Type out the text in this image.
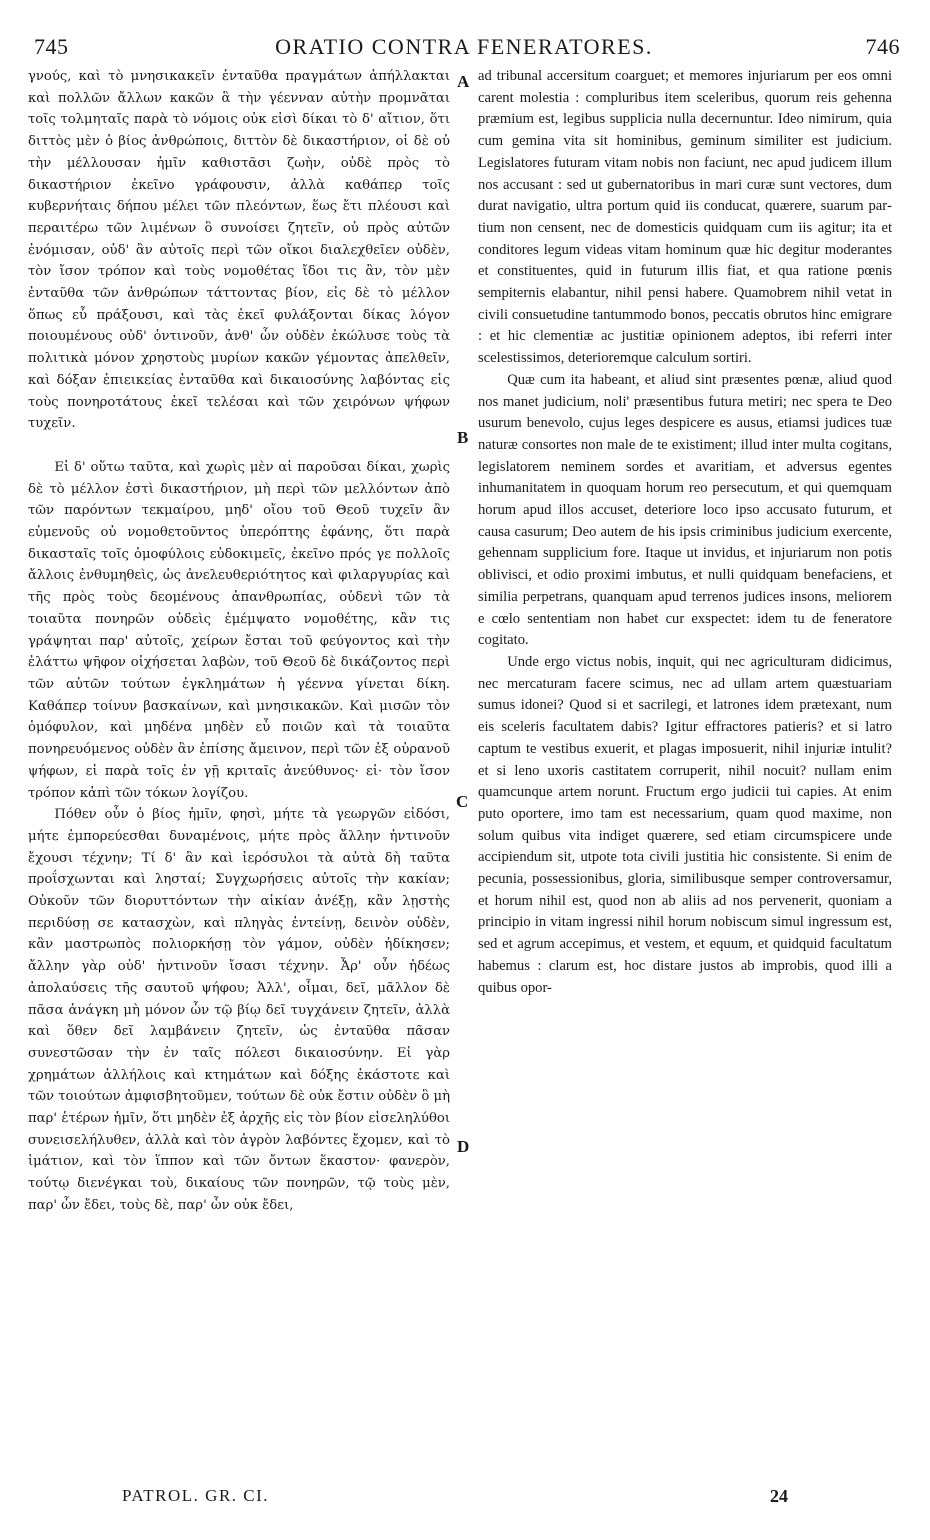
745	ORATIO CONTRA FENERATORES.	746

γνούς, καὶ τὸ μνησικακεῖν ἐνταῦθα πραγμάτων ἀπήλλακται καὶ πολλῶν ἄλλων κακῶν ἃ τὴν γέενναν αὐτὴν προμνᾶται τοῖς τολμηταῖς παρὰ τὸ νόμοις οὐκ εἰσὶ δίκαι τὸ δ' αἴτιον, ὅτι διττὸς μὲν ὁ βίος ἀνθρώποις, διττὸν δὲ δικαστήριον, οἱ δὲ οὐ τὴν μέλλουσαν ἡμῖν καθιστᾶσι ζωὴν, οὐδὲ πρὸς τὸ δικαστήριον ἐκεῖνο γράφουσιν, ἀλλὰ καθάπερ τοῖς κυβερνήταις δήπου μέλει τῶν πλεόντων, ἕως ἔτι πλέουσι καὶ περαιτέρω τῶν λιμένων ὃ συνοίσει ζητεῖν, οὐ πρὸς αὐτῶν ἐνόμισαν, οὐδ' ἂν αὐτοῖς περὶ τῶν οἴκοι διαλεχθεῖεν οὐδὲν, τὸν ἴσον τρόπον καὶ τοὺς νομοθέτας ἴδοι τις ἂν, τὸν μὲν ἐνταῦθα τῶν ἀνθρώπων τάττοντας βίον, εἰς δὲ τὸ μέλλον ὅπως εὖ πράξουσι, καὶ τὰς ἐκεῖ φυλάξονται δίκας λόγον ποιουμένους οὐδ' ὀντινοῦν, ἀνθ' ὧν οὐδὲν ἐκώλυσε τοὺς τὰ πολιτικὰ μόνον χρηστοὺς μυρίων κακῶν γέμοντας ἀπελθεῖν, καὶ δόξαν ἐπιεικείας ἐνταῦθα καὶ δικαιοσύνης λαβόντας εἰς τοὺς πονηροτάτους ἐκεῖ τελέσαι καὶ τῶν χειρόνων ψήφων τυχεῖν.

Εἰ δ' οὕτω ταῦτα, καὶ χωρὶς μὲν αἱ παροῦσαι δίκαι, χωρὶς δὲ τὸ μέλλον ἐστὶ δικαστήριον, μὴ περὶ τῶν μελλόντων ἀπὸ τῶν παρόντων τεκμαίρου, μηδ' οἴου τοῦ Θεοῦ τυχεῖν ἂν εὐμενοῦς οὐ νομοθετοῦντος ὑπερόπτης ἐφάνης, ὅτι παρὰ δικασταῖς τοῖς ὁμοφύλοις εὐδοκιμεῖς, ἐκεῖνο πρός γε πολλοῖς ἄλλοις ἐνθυμηθεὶς, ὡς ἀνελευθεριότητος καὶ φιλαργυρίας καὶ τῆς πρὸς τοὺς δεομένους ἀπανθρωπίας, οὐδενὶ τῶν τὰ τοιαῦτα πονηρῶν οὐδεὶς ἐμέμψατο νομοθέτης, κἂν τις γράψηται παρ' αὐτοῖς, χείρων ἔσται τοῦ φεύγοντος καὶ τὴν ἐλάττω ψῆφον οἰχήσεται λαβὼν, τοῦ Θεοῦ δὲ δικάζοντος περὶ τῶν αὐτῶν τούτων ἐγκλημάτων ἡ γέεννα γίνεται δίκη. Καθάπερ τοίνυν βασκαίνων, καὶ μνησικακῶν. Καὶ μισῶν τὸν ὁμόφυλον, καὶ μηδένα μηδὲν εὖ ποιῶν καὶ τὰ τοιαῦτα πονηρευόμενος οὐδὲν ἂν ἐπίσης ἄμεινον, περὶ τῶν ἐξ οὐρανοῦ ψήφων, εἰ παρὰ τοῖς ἐν γῇ κριταῖς ἀνεύθυνος· εἰ· τὸν ἴσον τρόπον κἀπὶ τῶν τόκων λογίζου.

Πόθεν οὖν ὁ βίος ἡμῖν, φησὶ, μήτε τὰ γεωργῶν εἰδόσι, μήτε ἐμπορεύεσθαι δυναμένοις, μήτε πρὸς ἄλλην ἡντινοῦν ἔχουσι τέχνην; Τί δ' ἂν καὶ ἱερόσυλοι τὰ αὐτὰ δὴ ταῦτα προΐσχωνται καὶ λησταί; Συγχωρήσεις αὐτοῖς τὴν κακίαν; Οὐκοῦν τῶν διορυττόντων τὴν αἰκίαν ἀνέξῃ, κἂν λῃστὴς περιδύσῃ σε κατασχὼν, καὶ πληγὰς ἐντείνῃ, δεινὸν οὐδὲν, κἂν μαστρωπὸς πολιορκήσῃ τὸν γάμον, οὐδὲν ἠδίκησεν; ἄλλην γὰρ οὐδ' ἡντινοῦν ἴσασι τέχνην. Ἆρ' οὖν ἡδέως ἀπολαύσεις τῆς σαυτοῦ ψήφου; Ἀλλ', οἶμαι, δεῖ, μᾶλλον δὲ πᾶσα ἀνάγκη μὴ μόνον ὧν τῷ βίῳ δεῖ τυγχάνειν ζητεῖν, ἀλλὰ καὶ ὅθεν δεῖ λαμβάνειν ζητεῖν, ὡς ἐνταῦθα πᾶσαν συνεστῶσαν τὴν ἐν ταῖς πόλεσι δικαιοσύνην. Εἰ γὰρ χρημάτων ἀλλήλοις καὶ κτημάτων καὶ δόξης ἑκάστοτε καὶ τῶν τοιούτων ἀμφισβητοῦμεν, τούτων δὲ οὐκ ἔστιν οὐδὲν ὃ μὴ παρ' ἑτέρων ἡμῖν, ὅτι μηδὲν ἐξ ἀρχῆς εἰς τὸν βίον εἰσεληλύθοι συνεισελήλυθεν, ἀλλὰ καὶ τὸν ἀγρὸν λαβόντες ἔχομεν, καὶ τὸ ἱμάτιον, καὶ τὸν ἵππον καὶ τῶν ὄντων ἕκαστον· φανερὸν, τούτῳ διενέγκαι τοὺ, δικαίους τῶν πονηρῶν, τῷ τοὺς μὲν, παρ' ὧν ἔδει, τοὺς δὲ, παρ' ὧν οὐκ ἔδει,

A
B
C
D

ad tribunal accersitum coarguet; et memores injuriarum per eos omni carent molestia : compluribus item sceleribus, quorum reis gehenna præmium est, legibus supplicia nulla decernuntur. Ideo nimirum, quia cum gemina vita sit hominibus, geminum similiter est judicium. Legislatores futuram vitam nobis non faciunt, nec apud judicem illum nos accusant : sed ut gubernatoribus in mari curæ sunt vectores, dum durat navigatio, ultra portum quid iis conducat, quærere, suarum partium non censent, nec de domesticis quidquam cum iis agitur; ita et conditores legum videas vitam hominum quæ hic degitur moderantes et constituentes, quid in futurum illis fiat, et qua ratione pœnis sempiternis elabantur, nihil pensi habere. Quamobrem nihil vetat in civili consuetudine tantummodo bonos, peccatis obrutos hinc emigrare : et hic clementiæ ac justitiæ opinionem adeptos, ibi referri inter scelestissimos, deterioremque calculum sortiri.

Quæ cum ita habeant, et aliud sint præsentes pœnæ, aliud quod nos manet judicium, noli' præsentibus futura metiri; nec spera te Deo usurum benevolo, cujus leges despicere es ausus, etiamsi judices tuæ naturæ consortes non male de te existiment; illud inter multa cogitans, legislatorem neminem sordes et avaritiam, et adversus egentes inhumanitatem in quoquam horum reo persecutum, et qui quemquam horum apud illos accuset, deteriore loco ipso accusato futurum, et causa casurum; Deo autem de his ipsis criminibus judicium exercente, gehennam supplicium fore. Itaque ut invidus, et injuriarum non potis oblivisci, et odio proximi imbutus, et nulli quidquam benefaciens, et similia perpetrans, quanquam apud terrenos judices insons, meliorem e cœlo sententiam non habet cur exspectet: idem tu de feneratore cogitato.

Unde ergo victus nobis, inquit, qui nec agriculturam didicimus, nec mercaturam facere scimus, nec ad ullam artem quæstuariam sumus idonei? Quod si et sacrilegi, et latrones idem prætexant, num eis sceleris facultatem dabis? Igitur effractores patieris? et si latro captum te vestibus exuerit, et plagas imposuerit, nihil injuriæ intulit? et si leno uxoris castitatem corruperit, nihil nocuit? nullam enim quamcunque artem norunt. Fructum ergo judicii tui capies. At enim puto oportere, imo tam est necessarium, quam quod maxime, non solum quibus vita indiget quærere, sed etiam circumspicere unde accipiendum sit, utpote tota civili justitia hic consistente. Si enim de pecunia, possessionibus, gloria, similibusque semper controversamur, et horum nihil est, quod non ab aliis ad nos pervenerit, quoniam a principio in vitam ingressi nihil horum nobiscum simul ingressum est, sed et agrum accepimus, et vestem, et equum, et quidquid facultatum habemus : clarum est, hoc distare justos ab improbis, quod illi a quibus opor-

PATROL. GR. CI.	24
